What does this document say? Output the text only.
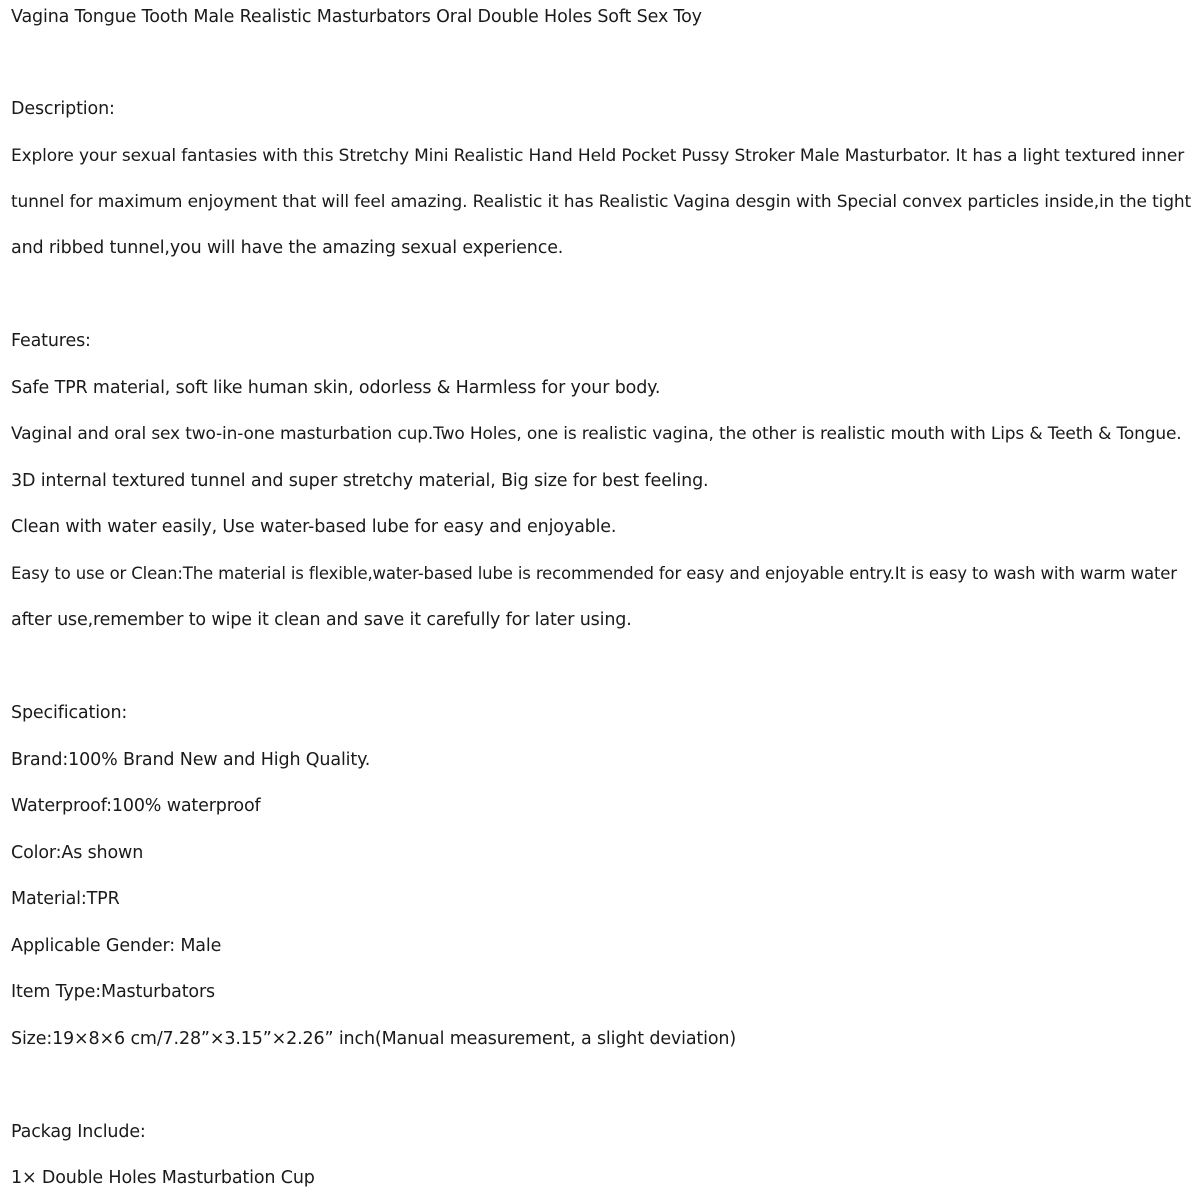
Vagina Tongue Tooth Male Realistic Masturbators Oral Double Holes Soft Sex Toy
Description:
Explore your sexual fantasies with this Stretchy Mini Realistic Hand Held Pocket Pussy Stroker Male Masturbator. It has a light textured inner
tunnel for maximum enjoyment that will feel amazing. Realistic it has Realistic Vagina desgin with Special convex particles inside,in the tight
and ribbed tunnel,you will have the amazing sexual experience.
Features:
Safe TPR material, soft like human skin, odorless & Harmless for your body.
Vaginal and oral sex two-in-one masturbation cup.Two Holes, one is realistic vagina, the other is realistic mouth with Lips & Teeth & Tongue.
3D internal textured tunnel and super stretchy material, Big size for best feeling.
Clean with water easily, Use water-based lube for easy and enjoyable.
Easy to use or Clean:The material is flexible,water-based lube is recommended for easy and enjoyable entry.It is easy to wash with warm water
after use,remember to wipe it clean and save it carefully for later using.
Specification:
Brand:100% Brand New and High Quality.
Waterproof:100% waterproof
Color:As shown
Material:TPR
Applicable Gender: Male
Item Type:Masturbators
Size:19×8×6 cm/7.28”×3.15”×2.26” inch(Manual measurement, a slight deviation)
Packag Include:
1× Double Holes Masturbation Cup
